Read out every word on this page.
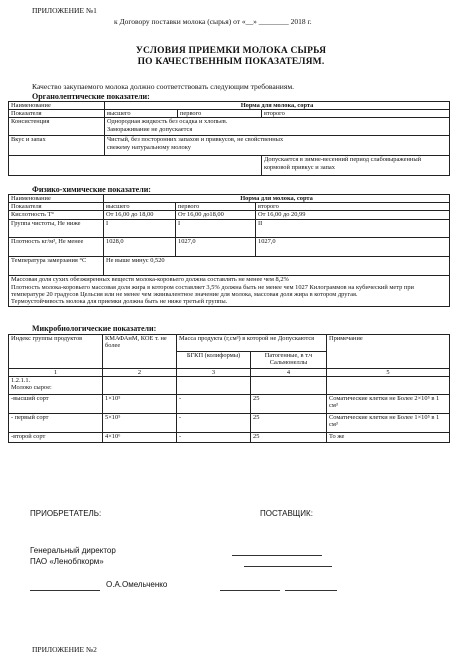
ПРИЛОЖЕНИЕ №1
к Договору поставки молока (сырья) от «__» ________ 2018 г.
УСЛОВИЯ ПРИЕМКИ МОЛОКА СЫРЬЯ
ПО КАЧЕСТВЕННЫМ ПОКАЗАТЕЛЯМ.
Качество закупаемого молока должно соответствовать следующим требованиям.
Органолептические показатели:
Наименование	Норма для молока, сорта		
Показателя	высшего	первого	второго
Консистенция	Однородная жидкость без осадка и хлопьев. Замораживание не допускается		
Вкус и запах	Чистый, без посторонних запахов и привкусов, не свойственных свежему натуральному молоку		
			Допускается в зимне-весенний период слабовыраженный кормовой привкус и запах
Физико-химические показатели:
Наименование	Норма для молока, сорта		
Показателя	высшего	первого	второго
Кислотность Т°	От 16,00 до 18,00	От 16,00 до18,00	От 16,00 до 20,99
Группа чистоты, Не ниже	I	I	II
Плотность кг/м³, Не менее	1028,0	1027,0	1027,0
Температура замерзания °С	Не выше минус 0,520		

Массовая доля сухих обезжиренных веществ молока-коровьего должна составлять не менее чем 8,2%
Плотность молока-коровьего массовая доля жира в котором составляет 3,5% должна быть не менее чем 1027 Килограммов на кубический метр при температуре 20 градусов Цельсия или не менее чем эквивалентное значение для молока, массовая доля жира в котором другая.
Термоустойчивость молока для приемки должна быть не ниже третьей группы.			
Микробиологические показатели:
Индекс группы продуктов	КМАФАнМ, КОЕ т. не более	Масса продукта (г,см³) в которой не Допускаются		Примечание
		БГКП (колиформы)	Патогенные, в т.ч Сальмонеллы	
1	2	3	4	5

1.2.1.1.
Молоко сырое:				

-высший сорт	1×10⁵	-	25	Соматические клетки не Более 2×10⁵ в 1 см³
- первый сорт	5×10⁵	-	25	Соматические клетки не Более 1×10⁵ в 1 см³
-второй сорт	4×10⁶	-	25	То же
ПРИОБРЕТАТЕЛЬ:	ПОСТАВЩИК:
Генеральный директор
ПАО «Ленобпкорм»
О.А.Омельченко
ПРИЛОЖЕНИЕ №2
